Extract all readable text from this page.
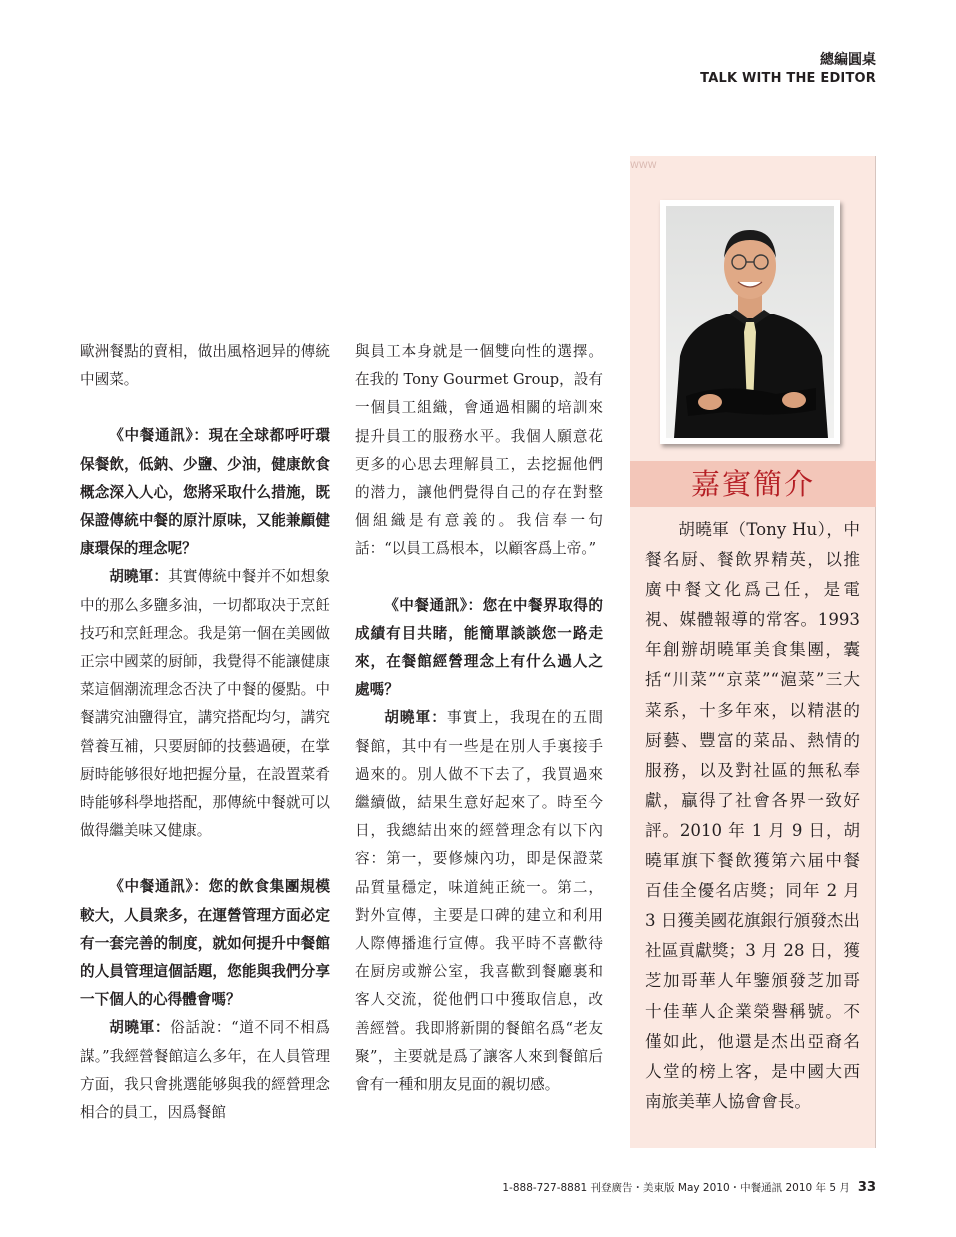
總編圓桌
TALK WITH THE EDITOR

歐洲餐點的賣相，做出風格迥异的傳統中國菜。

《中餐通訊》：現在全球都呼吁環保餐飲，低鈉、少鹽、少油，健康飲食概念深入人心，您將采取什么措施，既保證傳統中餐的原汁原味，又能兼顧健康環保的理念呢？

胡曉軍：其實傳統中餐并不如想象中的那么多鹽多油，一切都取决于烹飪技巧和烹飪理念。我是第一個在美國做正宗中國菜的厨師，我覺得不能讓健康菜這個潮流理念否決了中餐的優點。中餐講究油鹽得宜，講究搭配均匀，講究營養互補，只要厨師的技藝過硬，在掌厨時能够很好地把握分量，在設置菜肴時能够科學地搭配，那傳統中餐就可以做得繼美味又健康。

《中餐通訊》：您的飲食集團規模較大，人員衆多，在運營管理方面必定有一套完善的制度，就如何提升中餐館的人員管理這個話題，您能與我們分享一下個人的心得體會嗎？

胡曉軍：俗話說：“道不同不相爲謀。”我經營餐館這么多年，在人員管理方面，我只會挑選能够與我的經營理念相合的員工，因爲餐館

與員工本身就是一個雙向性的選擇。在我的 Tony Gourmet Group，設有一個員工組織，會通過相關的培訓來提升員工的服務水平。我個人願意花更多的心思去理解員工，去挖掘他們的潜力，讓他們覺得自己的存在對整個組織是有意義的。我信奉一句話：“以員工爲根本，以顧客爲上帝。”

《中餐通訊》：您在中餐界取得的成績有目共睹，能簡單談談您一路走來，在餐館經營理念上有什么過人之處嗎？

胡曉軍：事實上，我現在的五間餐館，其中有一些是在別人手裏接手過來的。別人做不下去了，我買過來繼續做，結果生意好起來了。時至今日，我總結出來的經營理念有以下內容：第一，要修煉內功，即是保證菜品質量穩定，味道純正統一。第二，對外宣傳，主要是口碑的建立和利用人際傳播進行宣傳。我平時不喜歡待在厨房或辦公室，我喜歡到餐廳裏和客人交流，從他們口中獲取信息，改善經營。我即將新開的餐館名爲“老友聚”，主要就是爲了讓客人來到餐館后會有一種和朋友見面的親切感。

WWW
嘉賓簡介

胡曉軍（Tony Hu），中餐名厨、餐飲界精英，以推廣中餐文化爲己任，是電視、媒體報導的常客。1993 年創辦胡曉軍美食集團，囊括“川菜”“京菜”“滬菜”三大菜系，十多年來，以精湛的厨藝、豐富的菜品、熱情的服務，以及對社區的無私奉獻，贏得了社會各界一致好評。2010 年 1 月 9 日，胡曉軍旗下餐飲獲第六届中餐百佳全優名店獎；同年 2 月 3 日獲美國花旗銀行頒發杰出社區貢獻獎；3 月 28 日，獲芝加哥華人年鑒頒發芝加哥十佳華人企業榮譽稱號。不僅如此，他還是杰出亞裔名人堂的榜上客，是中國大西南旅美華人協會會長。

1-888-727-8881 刊登廣告・美東版 May 2010・中餐通訊 2010 年 5 月 33
